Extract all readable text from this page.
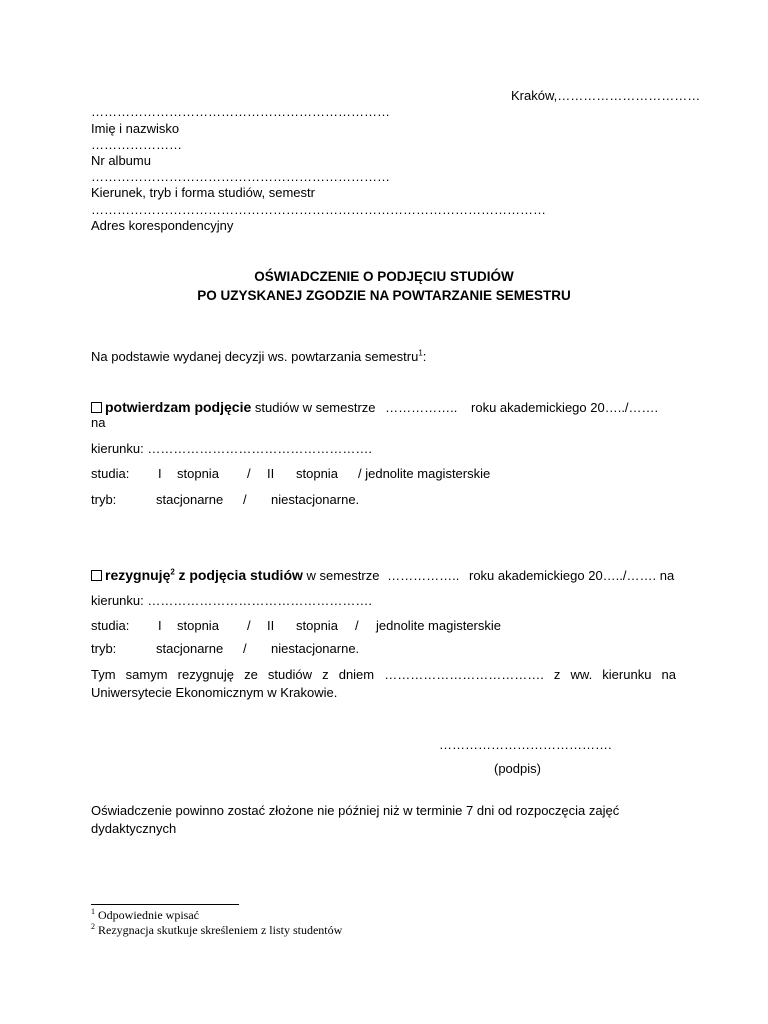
Kraków,……………………………
……………………………………………………………
Imię i nazwisko
…………………
Nr albumu
……………………………………………………………
Kierunek, tryb i forma studiów, semestr
……………………………………………………………………………………………
Adres korespondencyjny
OŚWIADCZENIE O PODJĘCIU STUDIÓW
PO UZYSKANEJ ZGODZIE NA POWTARZANIE SEMESTRU
Na podstawie wydanej decyzji ws. powtarzania semestru$^1$:
potwierdzam podjęcie studiów w semestrze …………….. roku akademickiego 20…../…….
na
kierunku: …………………………………………….
studia: I stopnia / II stopnia / jednolite magisterskie
tryb:	stacjonarne / niestacjonarne.
rezygnuję$^2$ z podjęcia studiów w semestrze …………….. roku akademickiego 20…../……. na
kierunku: …………………………………………….
studia: I stopnia / II stopnia / jednolite magisterskie
tryb:	stacjonarne / niestacjonarne.
Tym samym rezygnuję ze studiów z dniem ………………………………. z ww. kierunku na Uniwersytecie Ekonomicznym w Krakowie.
………………………………….
(podpis)
Oświadczenie powinno zostać złożone nie później niż w terminie 7 dni od rozpoczęcia zajęć dydaktycznych
$^1$ Odpowiednie wpisać
$^2$ Rezygnacja skutkuje skreśleniem z listy studentów
